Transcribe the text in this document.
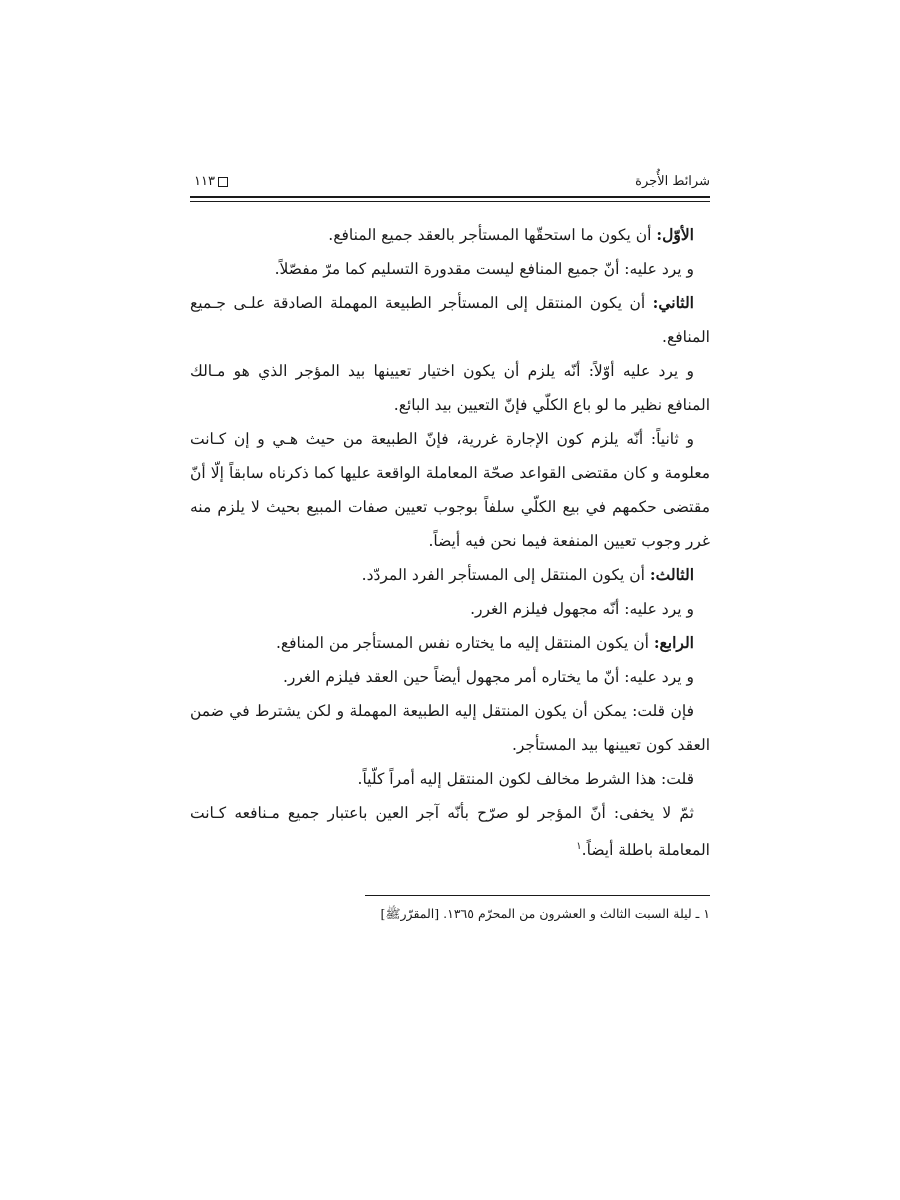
شرائط الأُجرة
١١٣

الأوّل: أن يكون ما استحقّها المستأجر بالعقد جميع المنافع.

و يرد عليه: أنّ جميع المنافع ليست مقدورة التسليم كما مرّ مفصّلاً.

الثاني: أن يكون المنتقل إلى المستأجر الطبيعة المهملة الصادقة علـى جـميع المنافع.

و يرد عليه أوّلاً: أنّه يلزم أن يكون اختيار تعيينها بيد المؤجر الذي هو مـالك المنافع نظير ما لو باع الكلّي فإنّ التعيين بيد البائع.

و ثانياً: أنّه يلزم كون الإجارة غررية، فإنّ الطبيعة من حيث هـي و إن كـانت معلومة و كان مقتضى القواعد صحّة المعاملة الواقعة عليها كما ذكرناه سابقاً إلّا أنّ مقتضى حكمهم في بيع الكلّي سلفاً بوجوب تعيين صفات المبيع بحيث لا يلزم منه غرر وجوب تعيين المنفعة فيما نحن فيه أيضاً.

الثالث: أن يكون المنتقل إلى المستأجر الفرد المردّد.

و يرد عليه: أنّه مجهول فيلزم الغرر.

الرابع: أن يكون المنتقل إليه ما يختاره نفس المستأجر من المنافع.

و يرد عليه: أنّ ما يختاره أمر مجهول أيضاً حين العقد فيلزم الغرر.

فإن قلت: يمكن أن يكون المنتقل إليه الطبيعة المهملة و لكن يشترط في ضمن العقد كون تعيينها بيد المستأجر.

قلت: هذا الشرط مخالف لكون المنتقل إليه أمراً كلّياً.

ثمّ لا يخفى: أنّ المؤجر لو صرّح بأنّه آجر العين باعتبار جميع مـنافعه كـانت المعاملة باطلة أيضاً.$^١$

١ ـ ليلة السبت الثالث و العشرون من المحرّم ١٣٦٥. [المقرّرﷺ]
